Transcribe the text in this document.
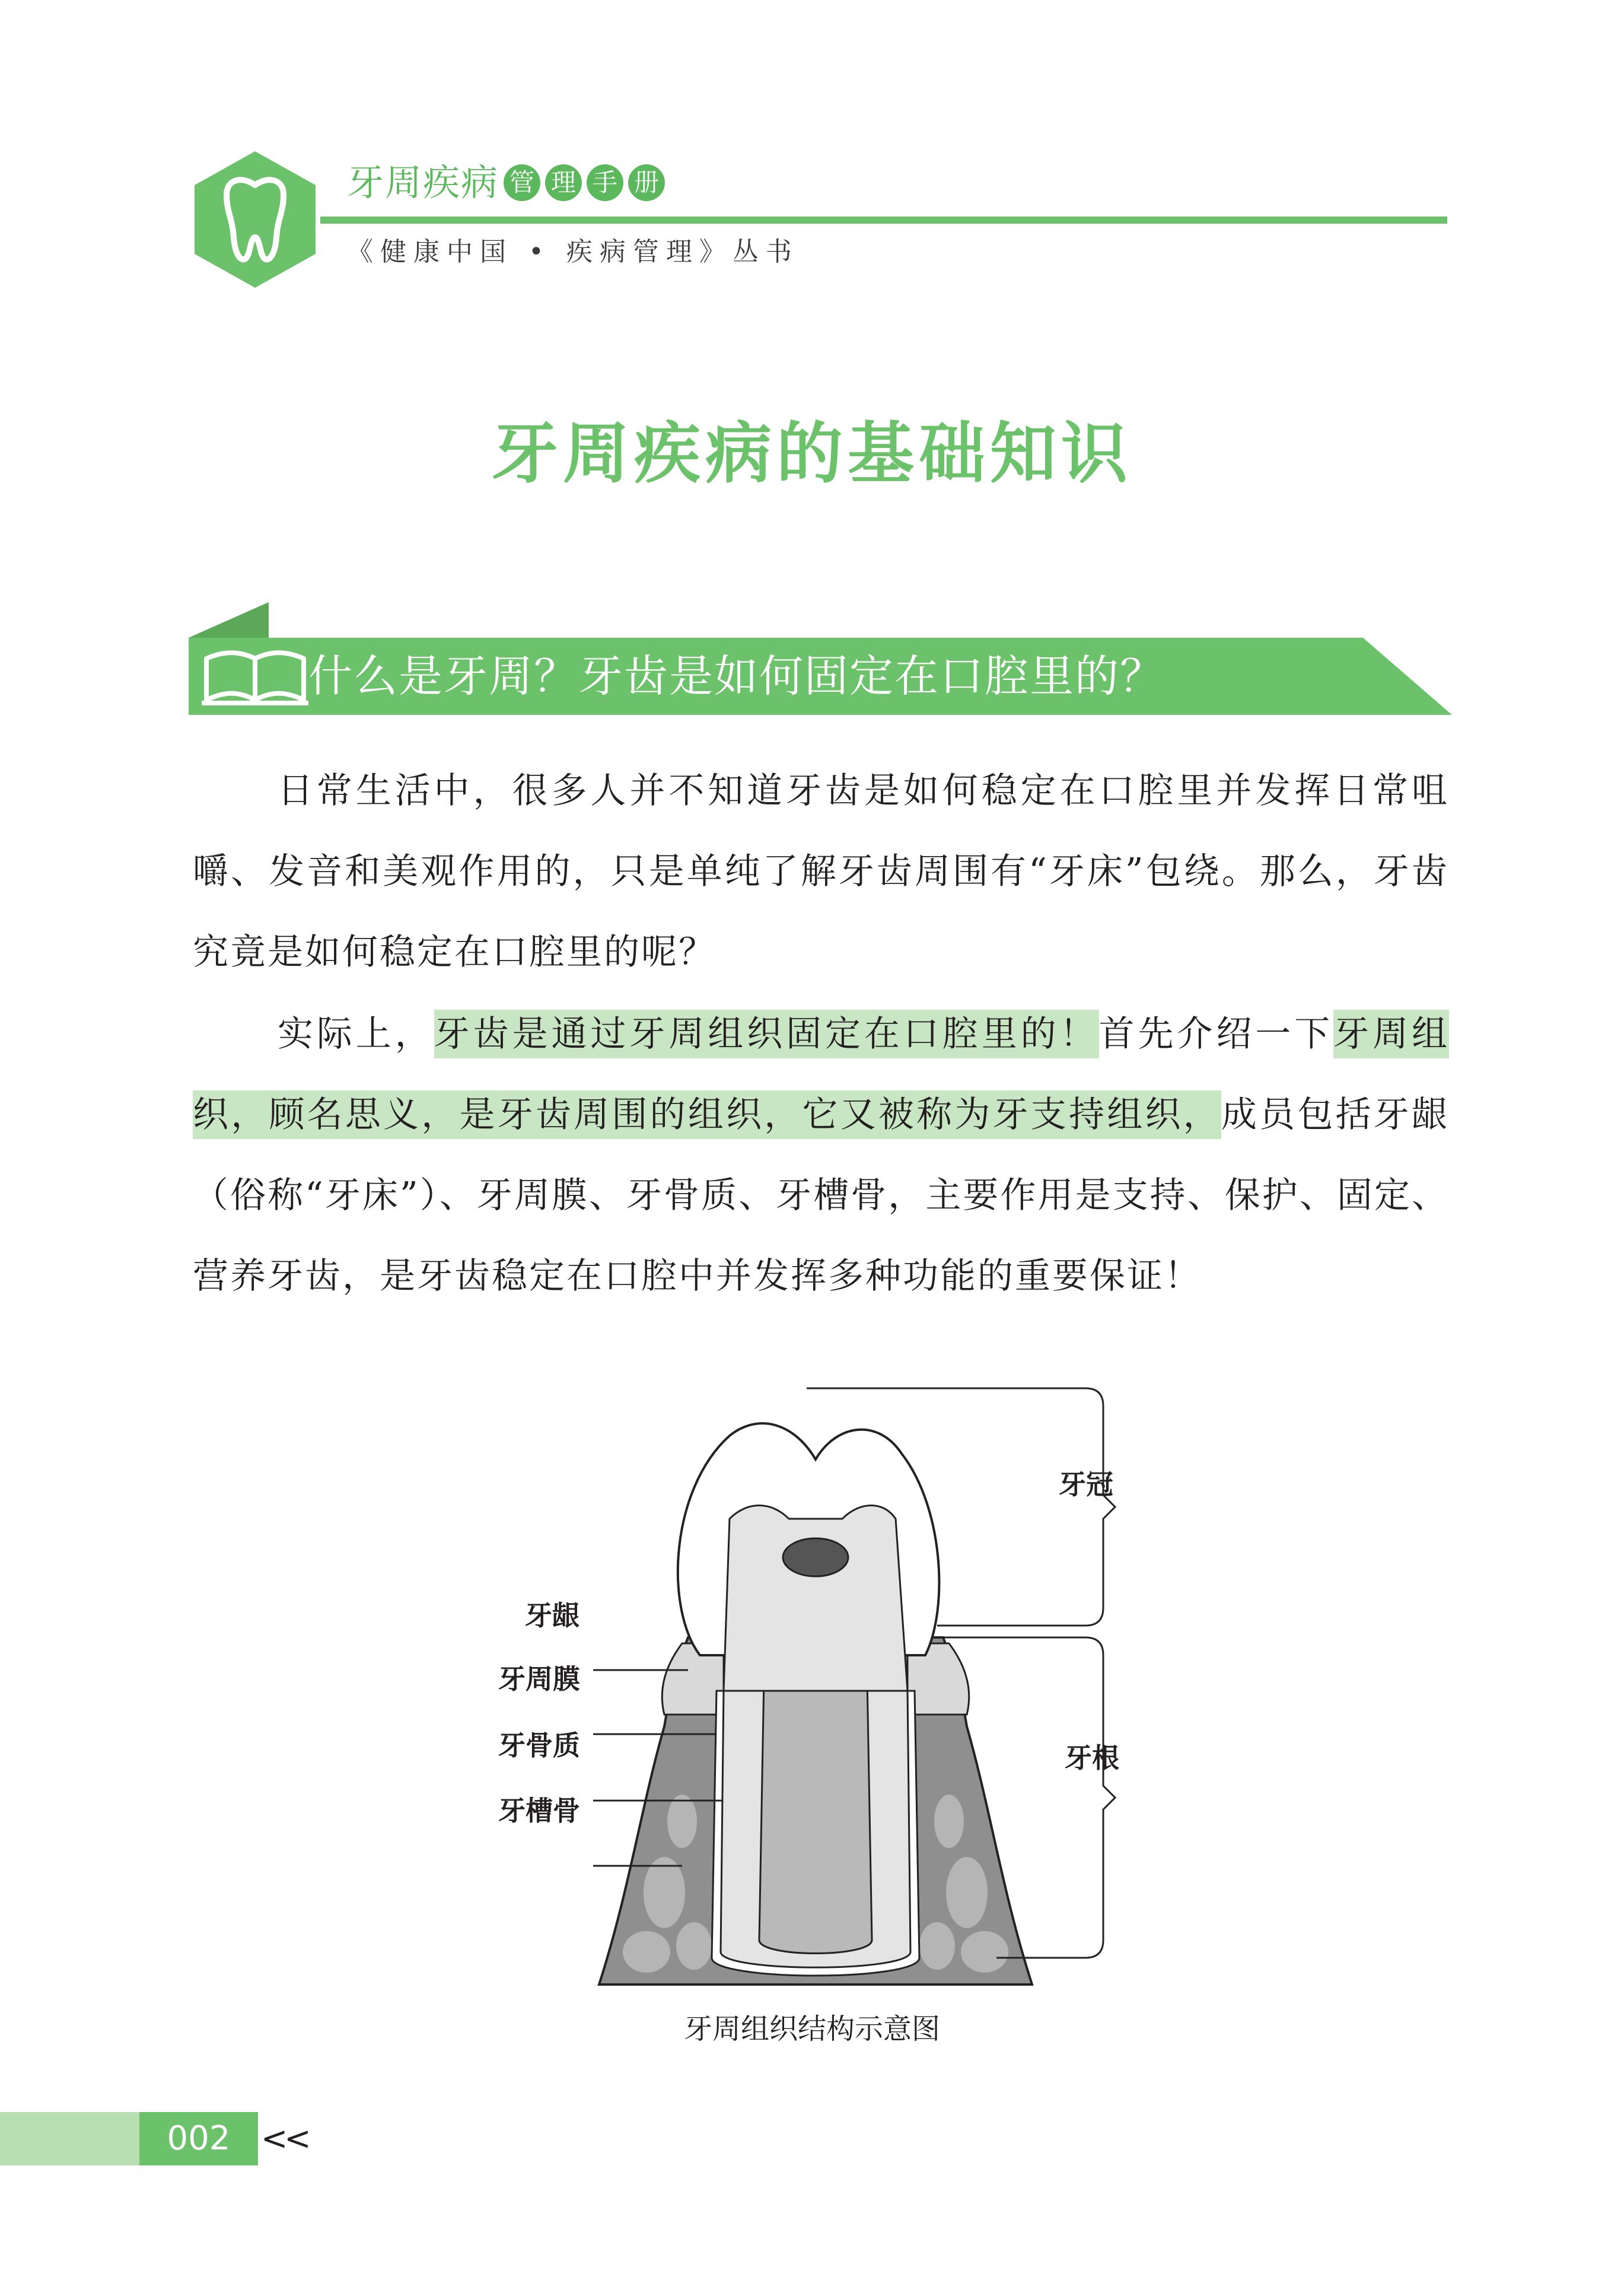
牙周疾病 管 理 手 册
《健康中国 • 疾病管理》丛书
牙周疾病的基础知识
什么是牙周？牙齿是如何固定在口腔里的？
日常生活中，很多人并不知道牙齿是如何稳定在口腔里并发挥日常咀嚼、发音和美观作用的，只是单纯了解牙齿周围有“牙床”包绕。那么，牙齿究竟是如何稳定在口腔里的呢？
实际上，牙齿是通过牙周组织固定在口腔里的！首先介绍一下牙周组织，顾名思义，是牙齿周围的组织，它又被称为牙支持组织，成员包括牙龈（俗称“牙床”）、牙周膜、牙骨质、牙槽骨，主要作用是支持、保护、固定、营养牙齿，是牙齿稳定在口腔中并发挥多种功能的重要保证！
牙龈
牙周膜
牙骨质
牙槽骨
牙冠
牙根
牙周组织结构示意图
002 <<
